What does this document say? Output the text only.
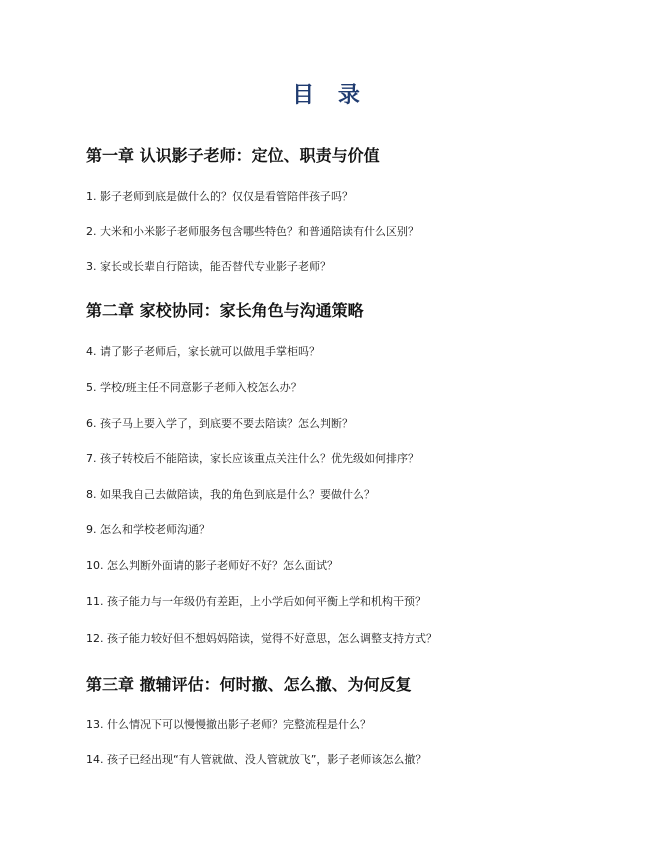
目 录
第一章 认识影子老师：定位、职责与价值
1. 影子老师到底是做什么的？仅仅是看管陪伴孩子吗？
2. 大米和小米影子老师服务包含哪些特色？和普通陪读有什么区别？
3. 家长或长辈自行陪读，能否替代专业影子老师？
第二章 家校协同：家长角色与沟通策略
4. 请了影子老师后，家长就可以做甩手掌柜吗？
5. 学校/班主任不同意影子老师入校怎么办？
6. 孩子马上要入学了，到底要不要去陪读？怎么判断？
7. 孩子转校后不能陪读，家长应该重点关注什么？优先级如何排序？
8. 如果我自己去做陪读，我的角色到底是什么？要做什么？
9. 怎么和学校老师沟通？
10. 怎么判断外面请的影子老师好不好？怎么面试？
11. 孩子能力与一年级仍有差距，上小学后如何平衡上学和机构干预？
12. 孩子能力较好但不想妈妈陪读，觉得不好意思，怎么调整支持方式？
第三章 撤辅评估：何时撤、怎么撤、为何反复
13. 什么情况下可以慢慢撤出影子老师？完整流程是什么？
14. 孩子已经出现“有人管就做、没人管就放飞”，影子老师该怎么撤？
